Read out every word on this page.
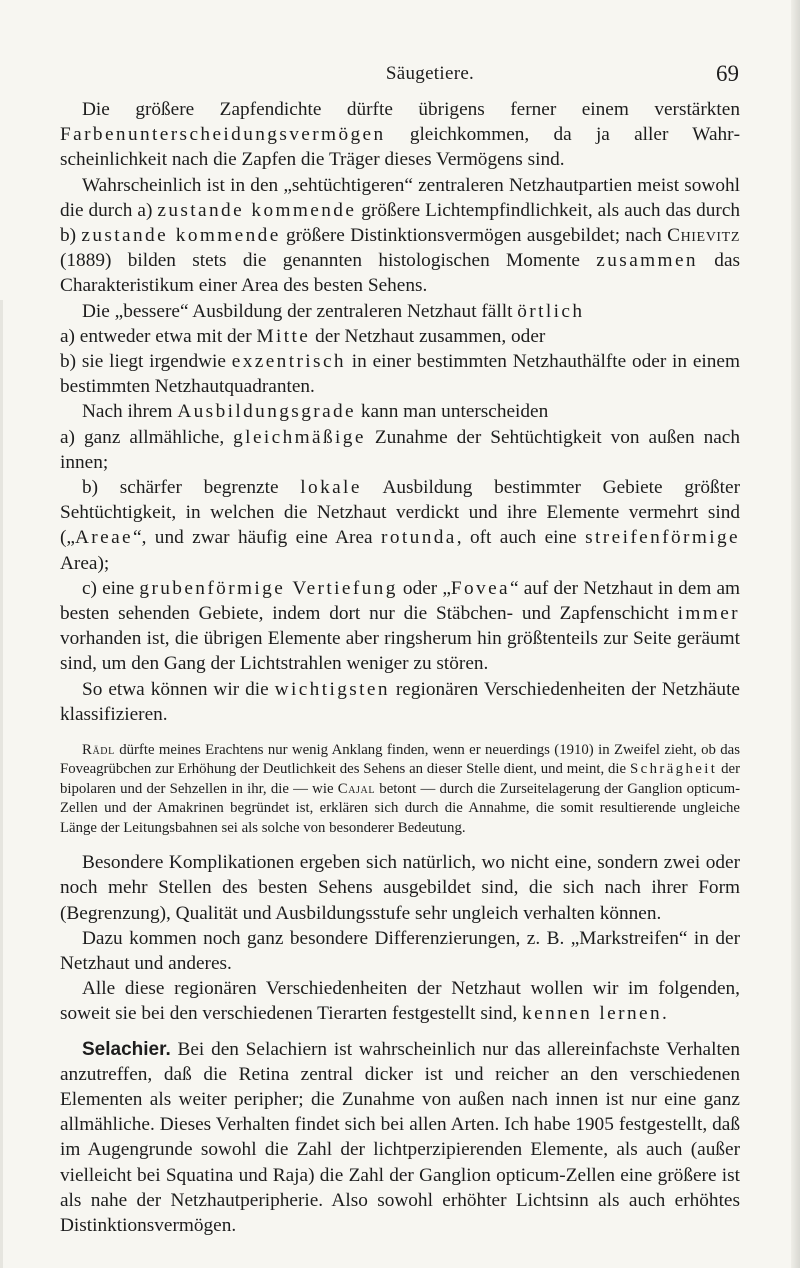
Säugetiere.	69

Die größere Zapfendichte dürfte übrigens ferner einem verstärkten Farbenunterscheidungsvermögen gleichkommen, da ja aller Wahrscheinlichkeit nach die Zapfen die Träger dieses Vermögens sind.

Wahrscheinlich ist in den „sehtüchtigeren“ zentraleren Netzhautpartien meist sowohl die durch a) zustande kommende größere Lichtempfindlichkeit, als auch das durch b) zustande kommende größere Distinktionsvermögen ausgebildet; nach Chievitz (1889) bilden stets die genannten histologischen Momente zusammen das Charakteristikum einer Area des besten Sehens.

Die „bessere“ Ausbildung der zentraleren Netzhaut fällt örtlich
a) entweder etwa mit der Mitte der Netzhaut zusammen, oder
b) sie liegt irgendwie exzentrisch in einer bestimmten Netzhauthälfte oder in einem bestimmten Netzhautquadranten.

Nach ihrem Ausbildungsgrade kann man unterscheiden
a) ganz allmähliche, gleichmäßige Zunahme der Sehtüchtigkeit von außen nach innen;

b) schärfer begrenzte lokale Ausbildung bestimmter Gebiete größter Sehtüchtigkeit, in welchen die Netzhaut verdickt und ihre Elemente vermehrt sind („Areae“, und zwar häufig eine Area rotunda, oft auch eine streifenförmige Area);

c) eine grubenförmige Vertiefung oder „Fovea“ auf der Netzhaut in dem am besten sehenden Gebiete, indem dort nur die Stäbchen- und Zapfenschicht immer vorhanden ist, die übrigen Elemente aber ringsherum hin größtenteils zur Seite geräumt sind, um den Gang der Lichtstrahlen weniger zu stören.

So etwa können wir die wichtigsten regionären Verschiedenheiten der Netzhäute klassifizieren.

Rädl dürfte meines Erachtens nur wenig Anklang finden, wenn er neuerdings (1910) in Zweifel zieht, ob das Foveagrübchen zur Erhöhung der Deutlichkeit des Sehens an dieser Stelle dient, und meint, die Schrägheit der bipolaren und der Sehzellen in ihr, die — wie Cajal betont — durch die Zurseitelagerung der Ganglion opticum-Zellen und der Amakrinen begründet ist, erklären sich durch die Annahme, die somit resultierende ungleiche Länge der Leitungsbahnen sei als solche von besonderer Bedeutung.

Besondere Komplikationen ergeben sich natürlich, wo nicht eine, sondern zwei oder noch mehr Stellen des besten Sehens ausgebildet sind, die sich nach ihrer Form (Begrenzung), Qualität und Ausbildungsstufe sehr ungleich verhalten können.

Dazu kommen noch ganz besondere Differenzierungen, z. B. „Markstreifen“ in der Netzhaut und anderes.

Alle diese regionären Verschiedenheiten der Netzhaut wollen wir im folgenden, soweit sie bei den verschiedenen Tierarten festgestellt sind, kennen lernen.

Selachier. Bei den Selachiern ist wahrscheinlich nur das allereinfachste Verhalten anzutreffen, daß die Retina zentral dicker ist und reicher an den verschiedenen Elementen als weiter peripher; die Zunahme von außen nach innen ist nur eine ganz allmähliche. Dieses Verhalten findet sich bei allen Arten. Ich habe 1905 festgestellt, daß im Augengrunde sowohl die Zahl der lichtperzipierenden Elemente, als auch (außer vielleicht bei Squatina und Raja) die Zahl der Ganglion opticum-Zellen eine größere ist als nahe der Netzhautperipherie. Also sowohl erhöhter Lichtsinn als auch erhöhtes Distinktionsvermögen.
